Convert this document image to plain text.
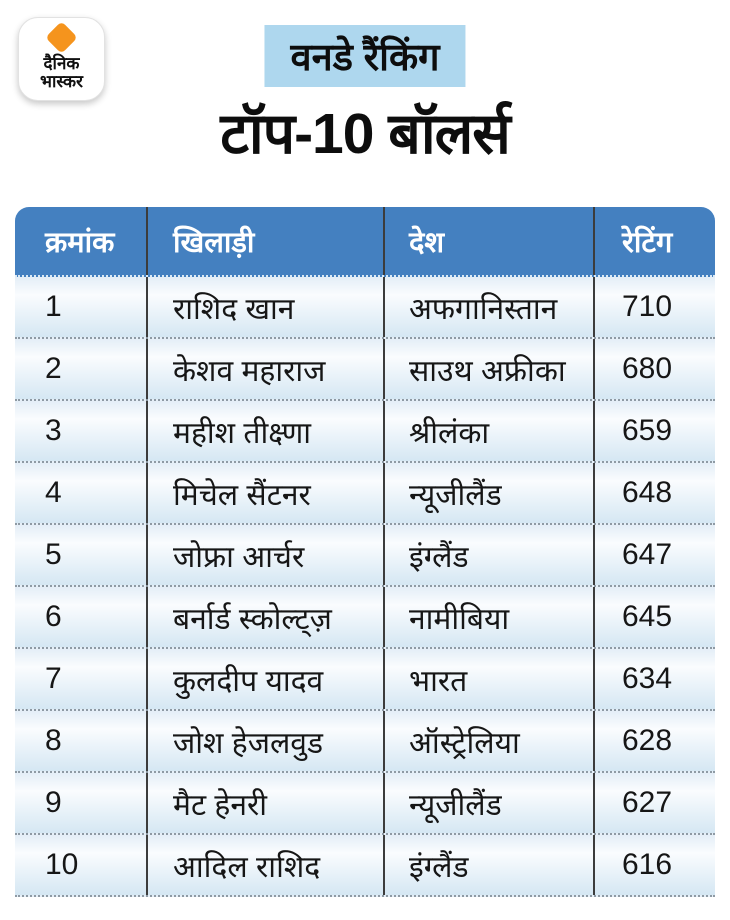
दैनिक
भास्कर
वनडे रैंकिंग
टॉप-10 बॉलर्स
क्रमांक	खिलाड़ी	देश	रेटिंग
1	राशिद खान	अफगानिस्तान	710
2	केशव महाराज	साउथ अफ्रीका	680
3	महीश तीक्ष्णा	श्रीलंका	659
4	मिचेल सैंटनर	न्यूजीलैंड	648
5	जोफ्रा आर्चर	इंग्लैंड	647
6	बर्नार्ड स्कोल्ट्ज़	नामीबिया	645
7	कुलदीप यादव	भारत	634
8	जोश हेजलवुड	ऑस्ट्रेलिया	628
9	मैट हेनरी	न्यूजीलैंड	627
10	आदिल राशिद	इंग्लैंड	616
